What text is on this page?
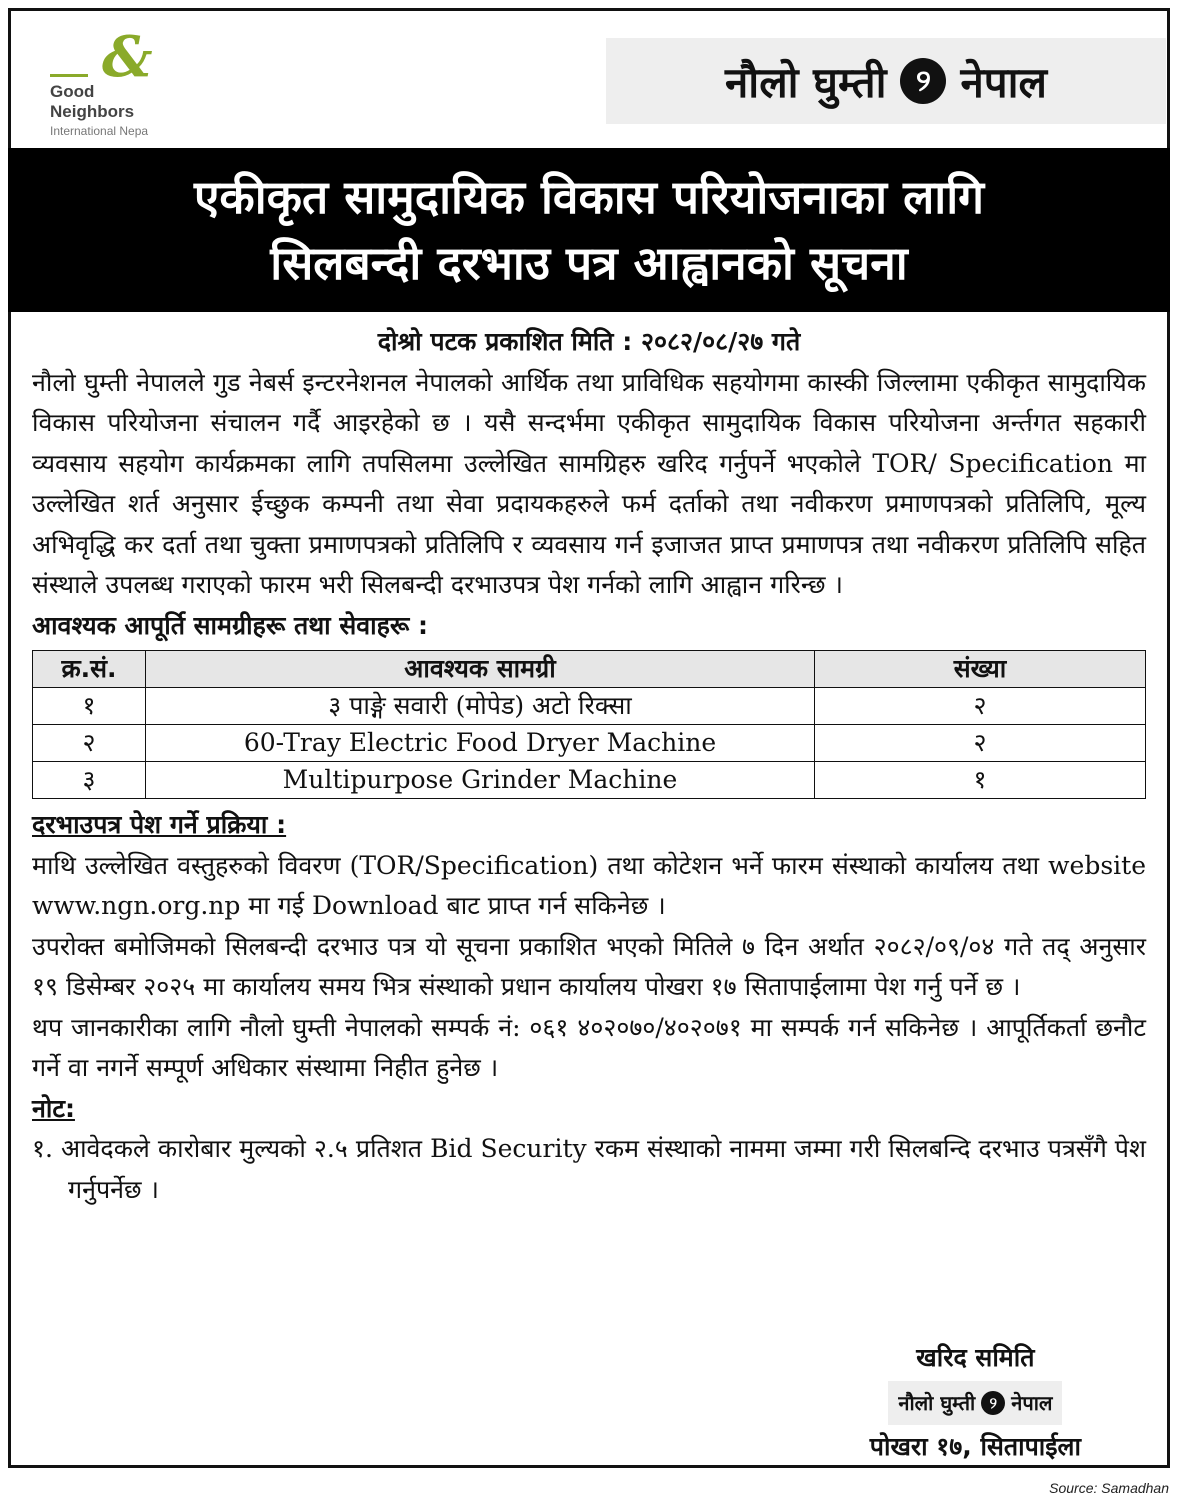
&
Good
Neighbors
International Nepa
नौलो घुम्ती ୨ नेपाल
एकीकृत सामुदायिक विकास परियोजनाका लागि
सिलबन्दी दरभाउ पत्र आह्वानको सूचना
दोश्रो पटक प्रकाशित मिति : २०८२/०८/२७ गते
नौलो घुम्ती नेपालले गुड नेबर्स इन्टरनेशनल नेपालको आर्थिक तथा प्राविधिक सहयोगमा कास्की जिल्लामा एकीकृत सामुदायिक विकास परियोजना संचालन गर्दै आइरहेको छ । यसै सन्दर्भमा एकीकृत सामुदायिक विकास परियोजना अर्न्तगत सहकारी व्यवसाय सहयोग कार्यक्रमका लागि तपसिलमा उल्लेखित सामग्रिहरु खरिद गर्नुपर्ने भएकोले TOR/ Specification मा उल्लेखित शर्त अनुसार ईच्छुक कम्पनी तथा सेवा प्रदायकहरुले फर्म दर्ताको तथा नवीकरण प्रमाणपत्रको प्रतिलिपि, मूल्य अभिवृद्धि कर दर्ता तथा चुक्ता प्रमाणपत्रको प्रतिलिपि र व्यवसाय गर्न इजाजत प्राप्त प्रमाणपत्र तथा नवीकरण प्रतिलिपि सहित संस्थाले उपलब्ध गराएको फारम भरी सिलबन्दी दरभाउपत्र पेश गर्नको लागि आह्वान गरिन्छ ।
आवश्यक आपूर्ति सामग्रीहरू तथा सेवाहरू :
क्र.सं.	आवश्यक सामग्री	संख्या
१	३ पाङ्गे सवारी (मोपेड) अटो रिक्सा	२
२	60-Tray Electric Food Dryer Machine	२
३	Multipurpose Grinder Machine	१
दरभाउपत्र पेश गर्ने प्रक्रिया :
माथि उल्लेखित वस्तुहरुको विवरण (TOR/Specification) तथा कोटेशन भर्ने फारम संस्थाको कार्यालय तथा website www.ngn.org.np मा गई Download बाट प्राप्त गर्न सकिनेछ ।
उपरोक्त बमोजिमको सिलबन्दी दरभाउ पत्र यो सूचना प्रकाशित भएको मितिले ७ दिन अर्थात २०८२/०९/०४ गते तद् अनुसार १९ डिसेम्बर २०२५ मा कार्यालय समय भित्र संस्थाको प्रधान कार्यालय पोखरा १७ सितापाईलामा पेश गर्नु पर्ने छ ।
थप जानकारीका लागि नौलो घुम्ती नेपालको सम्पर्क नं: ०६१ ४०२०७०/४०२०७१ मा सम्पर्क गर्न सकिनेछ । आपूर्तिकर्ता छनौट गर्ने वा नगर्ने सम्पूर्ण अधिकार संस्थामा निहीत हुनेछ ।
नोट:
१. आवेदकले कारोबार मुल्यको २.५ प्रतिशत Bid Security रकम संस्थाको नाममा जम्मा गरी सिलबन्दि दरभाउ पत्रसँगै पेश गर्नुपर्नेछ ।
खरिद समिति
नौलो घुम्ती ୨ नेपाल
पोखरा १७, सितापाईला
Source: Samadhan
